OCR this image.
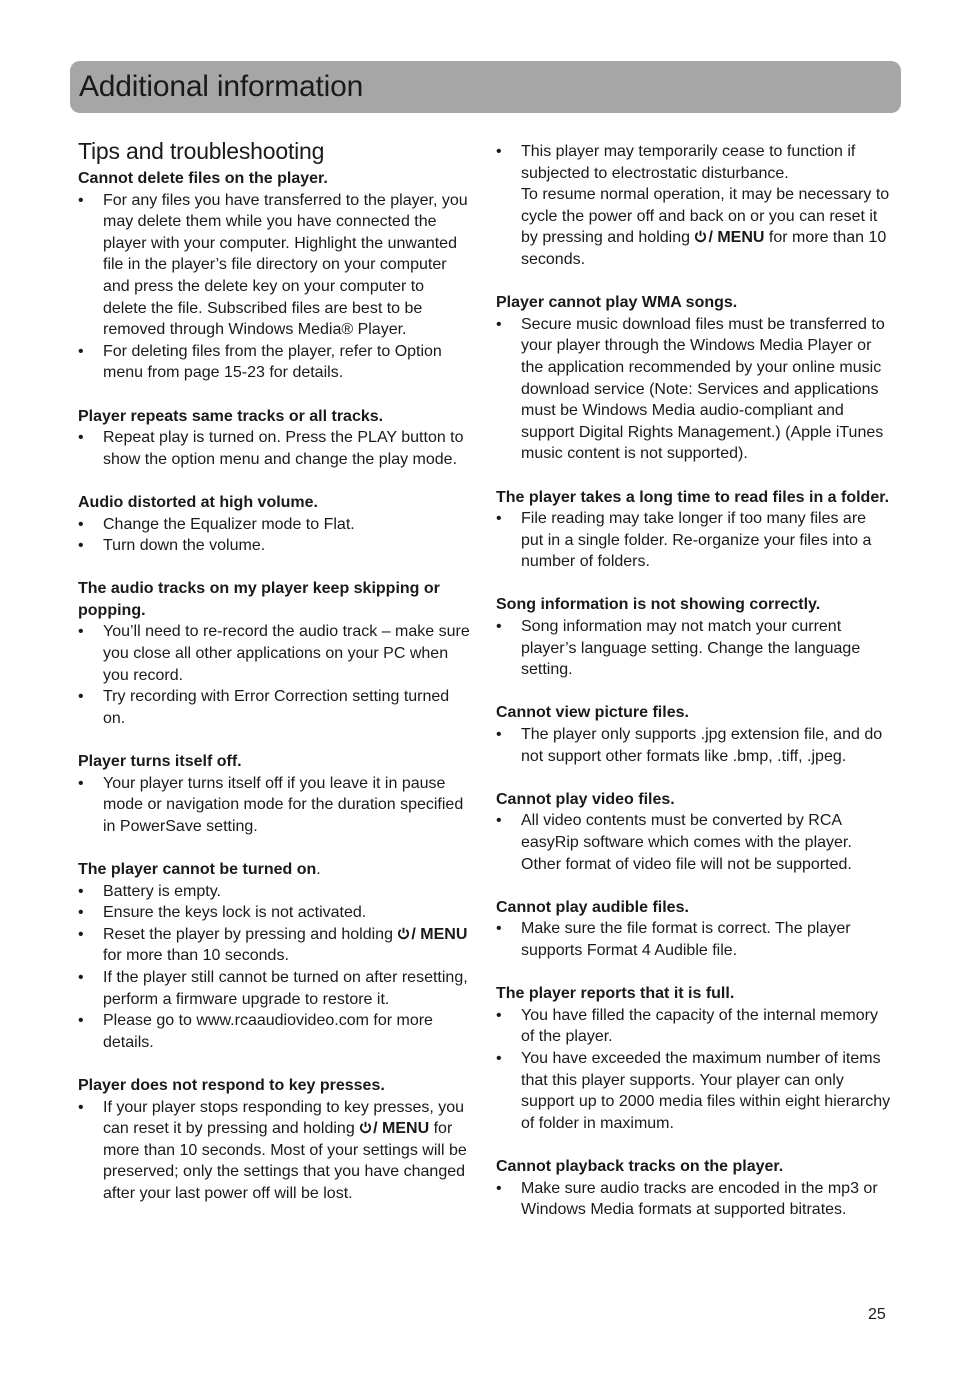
Additional information
Tips and troubleshooting

Cannot delete files on the player.

• For any files you have transferred to the player, you may delete them while you have connected the player with your computer. Highlight the unwanted file in the player’s file directory on your computer and press the delete key on your computer to delete the file. Subscribed files are best to be removed through Windows Media® Player.
• For deleting files from the player, refer to Option menu from page 15-23 for details.

Player repeats same tracks or all tracks.

• Repeat play is turned on. Press the PLAY button to show the option menu and change the play mode.

Audio distorted at high volume.

• Change the Equalizer mode to Flat.
• Turn down the volume.

The audio tracks on my player keep skipping or popping.

• You’ll need to re-record the audio track – make sure you close all other applications on your PC when you record.
• Try recording with Error Correction setting turned on.

Player turns itself off.

• Your player turns itself off if you leave it in pause mode or navigation mode for the duration specified in PowerSave setting.

The player cannot be turned on.

• Battery is empty.
• Ensure the keys lock is not activated.
• Reset the player by pressing and holding / MENU for more than 10 seconds.
• If the player still cannot be turned on after resetting, perform a firmware upgrade to restore it.
• Please go to www.rcaaudiovideo.com for more details.

Player does not respond to key presses.

• If your player stops responding to key presses, you can reset it by pressing and holding / MENU for more than 10 seconds. Most of your settings will be preserved; only the settings that you have changed after your last power off will be lost.
• This player may temporarily cease to function if subjected to electrostatic disturbance.
To resume normal operation, it may be necessary to cycle the power off and back on or you can reset it by pressing and holding / MENU for more than 10 seconds.

Player cannot play WMA songs.

• Secure music download files must be transferred to your player through the Windows Media Player or the application recommended by your online music download service (Note: Services and applications must be Windows Media audio-compliant and support Digital Rights Management.) (Apple iTunes music content is not supported).

The player takes a long time to read files in a folder.

• File reading may take longer if too many files are put in a single folder. Re-organize your files into a number of folders.

Song information is not showing correctly.

• Song information may not match your current player’s language setting. Change the language setting.

Cannot view picture files.

• The player only supports .jpg extension file, and do not support other formats like .bmp, .tiff, .jpeg.

Cannot play video files.

• All video contents must be converted by RCA easyRip software which comes with the player. Other format of video file will not be supported.

Cannot play audible files.

• Make sure the file format is correct. The player supports Format 4 Audible file.

The player reports that it is full.

• You have filled the capacity of the internal memory of the player.
• You have exceeded the maximum number of items that this player supports. Your player can only support up to 2000 media files within eight hierarchy of folder in maximum.

Cannot playback tracks on the player.

• Make sure audio tracks are encoded in the mp3 or Windows Media formats at supported bitrates.
25
